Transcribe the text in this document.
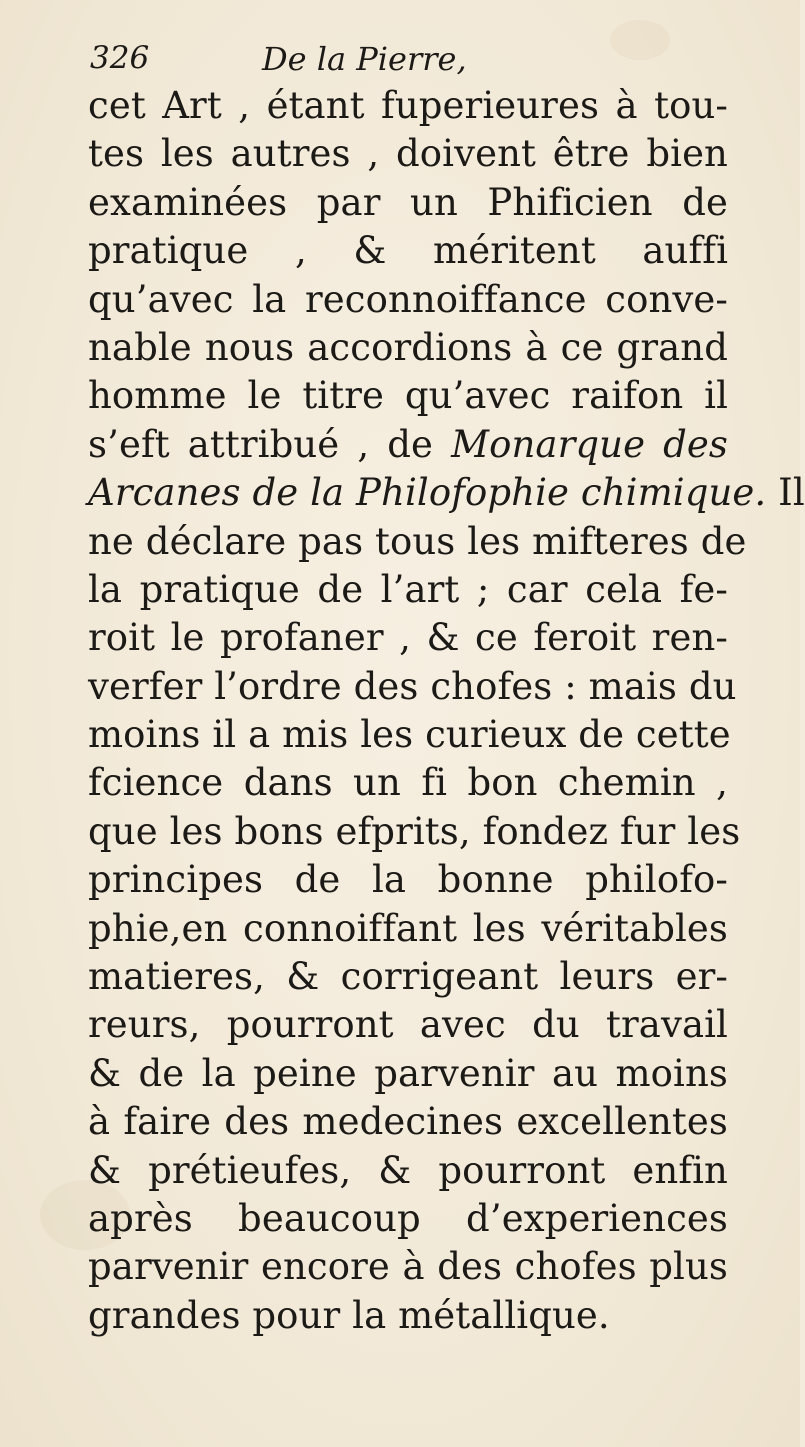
326	De la Pierre,
cet Art , étant fuperieures à tou-
tes les autres , doivent être bien
examinées par un Phificien de
pratique , & méritent auffi
qu’avec la reconnoiffance conve-
nable nous accordions à ce grand
homme le titre qu’avec raifon il
s’eft attribué , de Monarque des
Arcanes de la Philofophie chimique. Il
ne déclare pas tous les mifteres de
la pratique de l’art ; car cela fe-
roit le profaner , & ce feroit ren-
verfer l’ordre des chofes : mais du
moins il a mis les curieux de cette
fcience dans un fi bon chemin ,
que les bons efprits, fondez fur les
principes de la bonne philofo-
phie,en connoiffant les véritables
matieres, & corrigeant leurs er-
reurs, pourront avec du travail
& de la peine parvenir au moins
à faire des medecines excellentes
& prétieufes, & pourront enfin
après beaucoup d’experiences
parvenir encore à des chofes plus
grandes pour la métallique.
